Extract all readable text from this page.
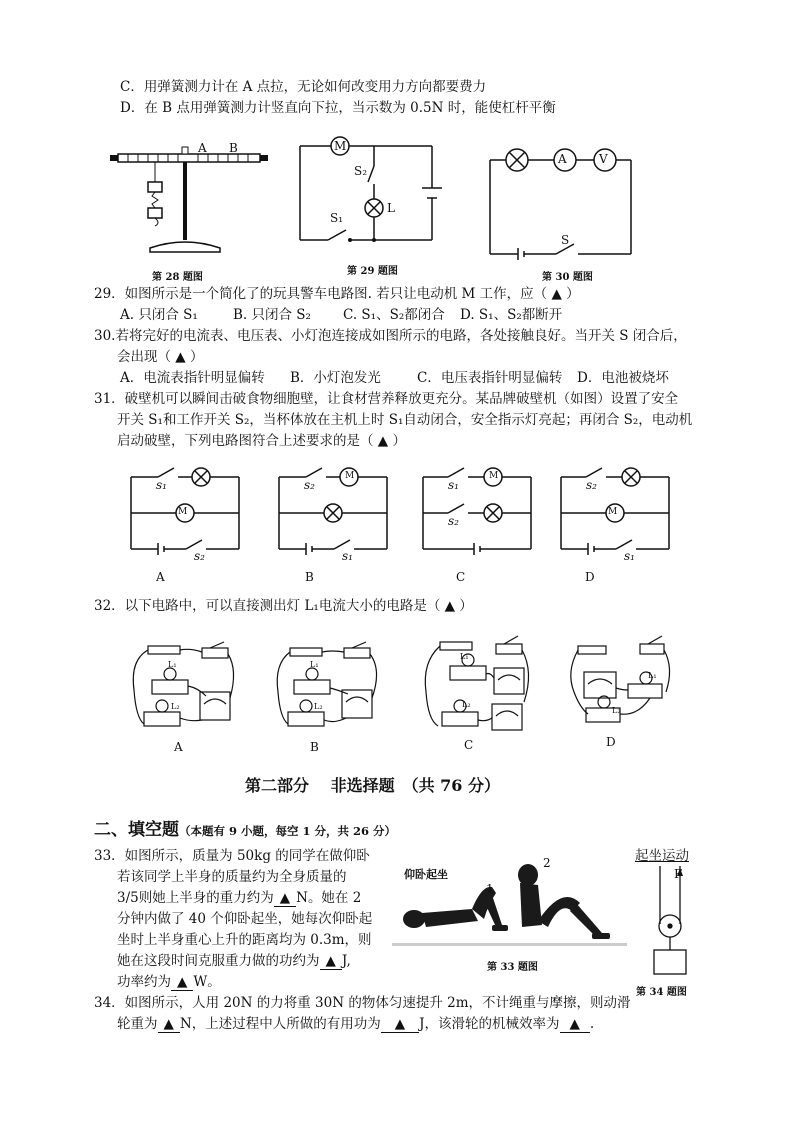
C．用弹簧测力计在 A 点拉，无论如何改变用力方向都要费力
D．在 B 点用弹簧测力计竖直向下拉，当示数为 0.5N 时，能使杠杆平衡
A B
第 28 题图
M
S₂
L
S₁
第 29 题图
A	V
S
第 30 题图
29．如图所示是一个简化了的玩具警车电路图. 若只让电动机 M 工作，应（ ▲ ）
A. 只闭合 S₁	B. 只闭合 S₂ C. S₁、S₂都闭合 D. S₁、S₂都断开
30.若将完好的电流表、电压表、小灯泡连接成如图所示的电路，各处接触良好。当开关 S 闭合后，
会出现（ ▲ ）
A．电流表指针明显偏转 B．小灯泡发光	C．电压表指针明显偏转 D．电池被烧坏
31．破壁机可以瞬间击破食物细胞壁，让食材营养释放更充分。某品牌破壁机（如图）设置了安全
开关 S₁和工作开关 S₂，当杯体放在主机上时 S₁自动闭合，安全指示灯亮起；再闭合 S₂，电动机
启动破壁，下列电路图符合上述要求的是（ ▲ ）
M
s₁
s₂
A
M
s₂
s₁
B
M
s₁
s₂
C
M
s₂
s₁
D
32．以下电路中，可以直接测出灯 L₁电流大小的电路是（ ▲ ）
L₁
L₂
A
L₁
L₂
B
L₁
L₂
C
L₁
L₂
D
第二部分　 非选择题　（共 76 分）
二、填空题（本题有 9 小题，每空 1 分，共 26 分）
33．如图所示，质量为 50kg 的同学在做仰卧
若该同学上半身的质量约为全身质量的
3/5则她上半身的重力约为 ▲ N。她在 2
分钟内做了 40 个仰卧起坐，她每次仰卧起
坐时上半身重心上升的距离均为 0.3m，则
她在这段时间克服重力做的功约为 ▲ J,
功率约为 ▲ W。
仰卧起坐
1
2
第 33 题图
起坐运动
F
第 34 题图
34．如图所示，人用 20N 的力将重 30N 的物体匀速提升 2m，不计绳重与摩擦，则动滑
轮重为 ▲ N，上述过程中人所做的有用功为 ▲ J，该滑轮的机械效率为 ▲ .
